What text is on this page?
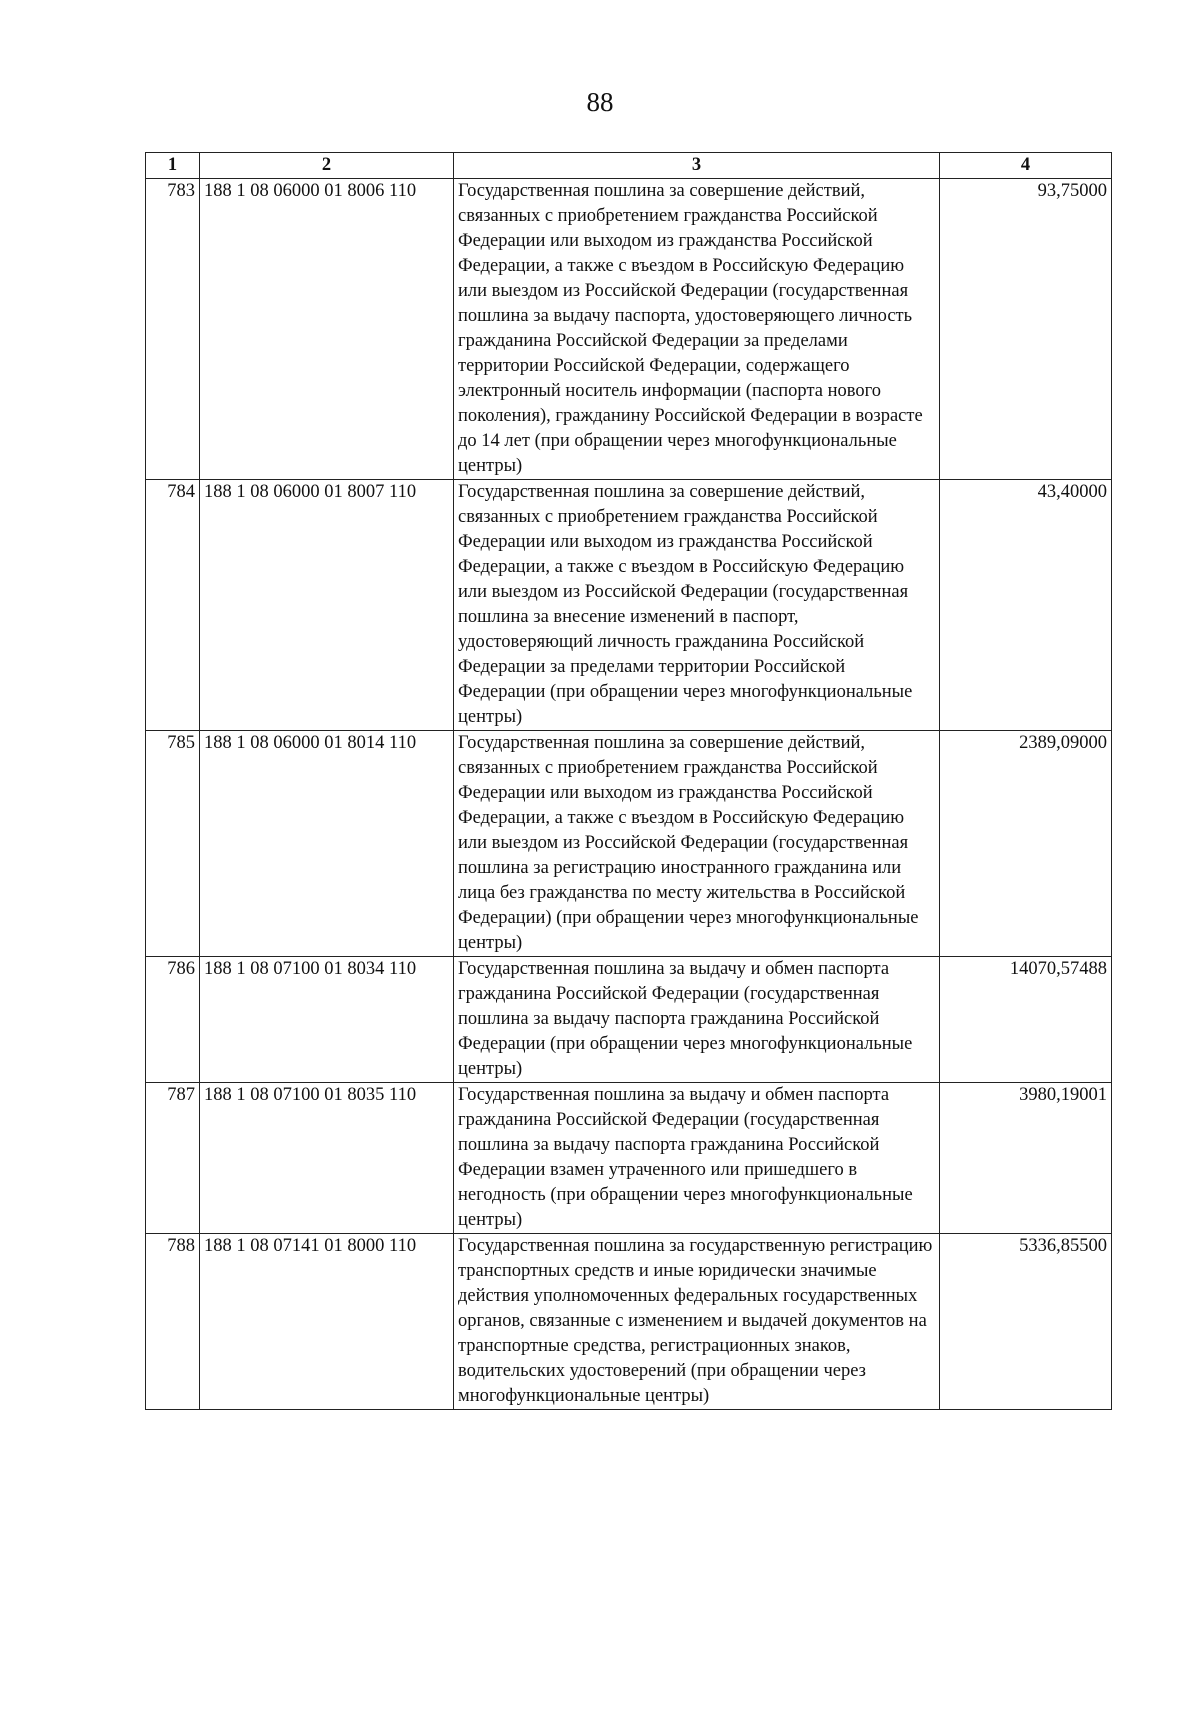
88
1	2	3	4
783	188 1 08 06000 01 8006 110	Государственная пошлина за совершение действий, связанных с приобретением гражданства Российской Федерации или выходом из гражданства Российской Федерации, а также с въездом в Российскую Федерацию или выездом из Российской Федерации (государственная пошлина за выдачу паспорта, удостоверяющего личность гражданина Российской Федерации за пределами территории Российской Федерации, содержащего электронный носитель информации (паспорта нового поколения), гражданину Российской Федерации в возрасте до 14 лет (при обращении через многофункциональные центры)	93,75000
784	188 1 08 06000 01 8007 110	Государственная пошлина за совершение действий, связанных с приобретением гражданства Российской Федерации или выходом из гражданства Российской Федерации, а также с въездом в Российскую Федерацию или выездом из Российской Федерации (государственная пошлина за внесение изменений в паспорт, удостоверяющий личность гражданина Российской Федерации за пределами территории Российской Федерации (при обращении через многофункциональные центры)	43,40000
785	188 1 08 06000 01 8014 110	Государственная пошлина за совершение действий, связанных с приобретением гражданства Российской Федерации или выходом из гражданства Российской Федерации, а также с въездом в Российскую Федерацию или выездом из Российской Федерации (государственная пошлина за регистрацию иностранного гражданина или лица без гражданства по месту жительства в Российской Федерации) (при обращении через многофункциональные центры)	2389,09000
786	188 1 08 07100 01 8034 110	Государственная пошлина за выдачу и обмен паспорта гражданина Российской Федерации (государственная пошлина за выдачу паспорта гражданина Российской Федерации (при обращении через многофункциональные центры)	14070,57488
787	188 1 08 07100 01 8035 110	Государственная пошлина за выдачу и обмен паспорта гражданина Российской Федерации (государственная пошлина за выдачу паспорта гражданина Российской Федерации взамен утраченного или пришедшего в негодность (при обращении через многофункциональные центры)	3980,19001
788	188 1 08 07141 01 8000 110	Государственная пошлина за государственную регистрацию транспортных средств и иные юридически значимые действия уполномоченных федеральных государственных органов, связанные с изменением и выдачей документов на транспортные средства, регистрационных знаков, водительских удостоверений (при обращении через многофункциональные центры)	5336,85500
